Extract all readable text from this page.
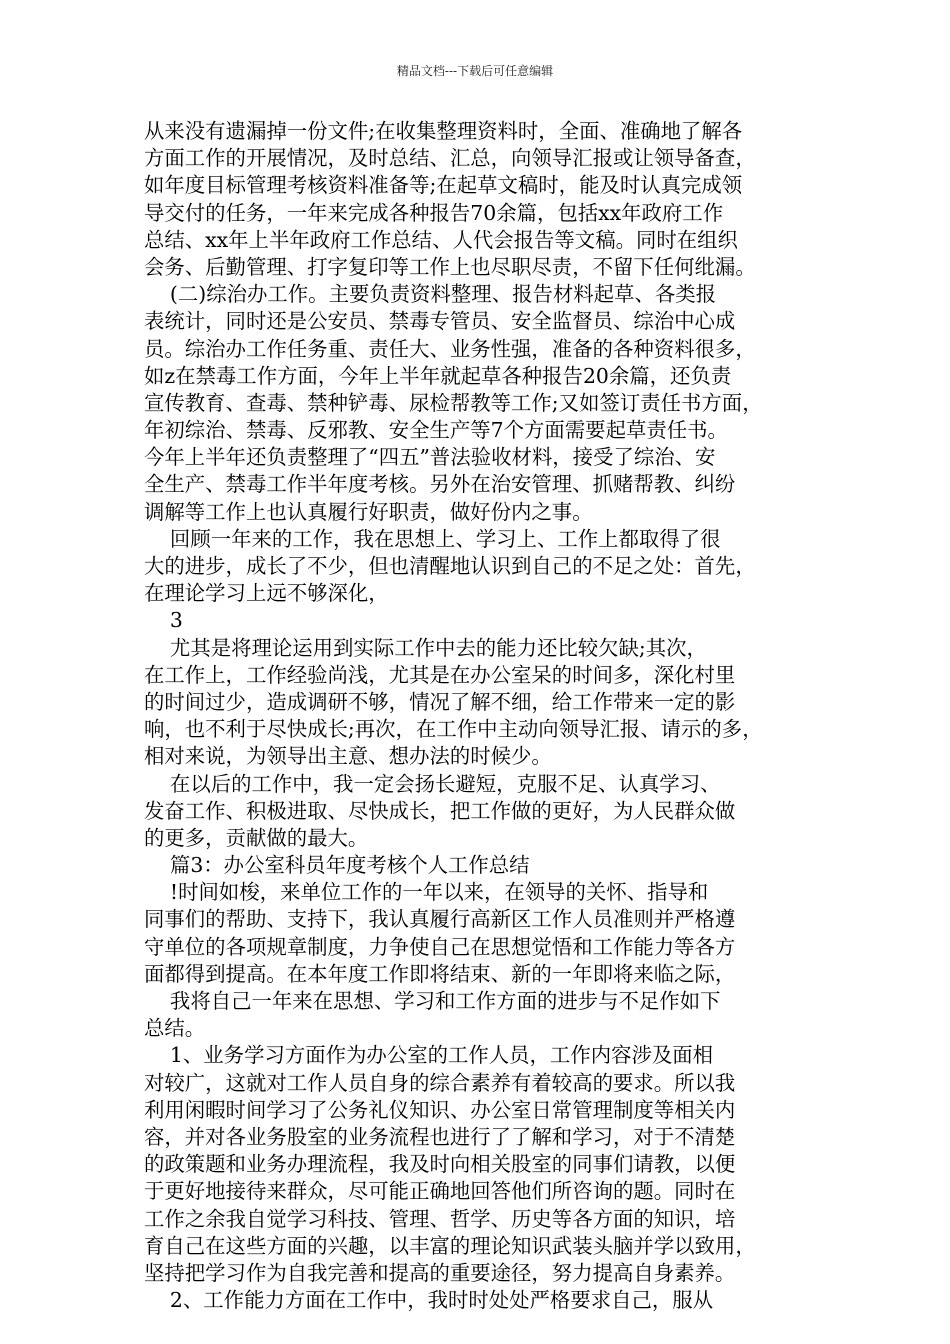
精品文档---下载后可任意编辑
从来没有遗漏掉一份文件;在收集整理资料时，全面、准确地了解各
方面工作的开展情况，及时总结、汇总，向领导汇报或让领导备查，
如年度目标管理考核资料准备等;在起草文稿时，能及时认真完成领
导交付的任务，一年来完成各种报告70余篇，包括xx年政府工作
总结、xx年上半年政府工作总结、人代会报告等文稿。同时在组织
会务、后勤管理、打字复印等工作上也尽职尽责，不留下任何纰漏。
(二)综治办工作。主要负责资料整理、报告材料起草、各类报
表统计，同时还是公安员、禁毒专管员、安全监督员、综治中心成
员。综治办工作任务重、责任大、业务性强，准备的各种资料很多，
如z在禁毒工作方面，今年上半年就起草各种报告20余篇，还负责
宣传教育、查毒、禁种铲毒、尿检帮教等工作;又如签订责任书方面，
年初综治、禁毒、反邪教、安全生产等7个方面需要起草责任书。
今年上半年还负责整理了“四五”普法验收材料，接受了综治、安
全生产、禁毒工作半年度考核。另外在治安管理、抓赌帮教、纠纷
调解等工作上也认真履行好职责，做好份内之事。
回顾一年来的工作，我在思想上、学习上、工作上都取得了很
大的进步，成长了不少，但也清醒地认识到自己的不足之处：首先，
在理论学习上远不够深化，
3
尤其是将理论运用到实际工作中去的能力还比较欠缺;其次，
在工作上，工作经验尚浅，尤其是在办公室呆的时间多，深化村里
的时间过少，造成调研不够，情况了解不细，给工作带来一定的影
响，也不利于尽快成长;再次，在工作中主动向领导汇报、请示的多，
相对来说，为领导出主意、想办法的时候少。
在以后的工作中，我一定会扬长避短，克服不足、认真学习、
发奋工作、积极进取、尽快成长，把工作做的更好，为人民群众做
的更多，贡献做的最大。
篇3：办公室科员年度考核个人工作总结
!时间如梭，来单位工作的一年以来，在领导的关怀、指导和
同事们的帮助、支持下，我认真履行高新区工作人员准则并严格遵
守单位的各项规章制度，力争使自己在思想觉悟和工作能力等各方
面都得到提高。在本年度工作即将结束、新的一年即将来临之际，
我将自己一年来在思想、学习和工作方面的进步与不足作如下
总结。
1、业务学习方面作为办公室的工作人员，工作内容涉及面相
对较广，这就对工作人员自身的综合素养有着较高的要求。所以我
利用闲暇时间学习了公务礼仪知识、办公室日常管理制度等相关内
容，并对各业务股室的业务流程也进行了了解和学习，对于不清楚
的政策题和业务办理流程，我及时向相关股室的同事们请教，以便
于更好地接待来群众，尽可能正确地回答他们所咨询的题。同时在
工作之余我自觉学习科技、管理、哲学、历史等各方面的知识，培
育自己在这些方面的兴趣，以丰富的理论知识武装头脑并学以致用，
坚持把学习作为自我完善和提高的重要途径，努力提高自身素养。
2、工作能力方面在工作中，我时时处处严格要求自己，服从
